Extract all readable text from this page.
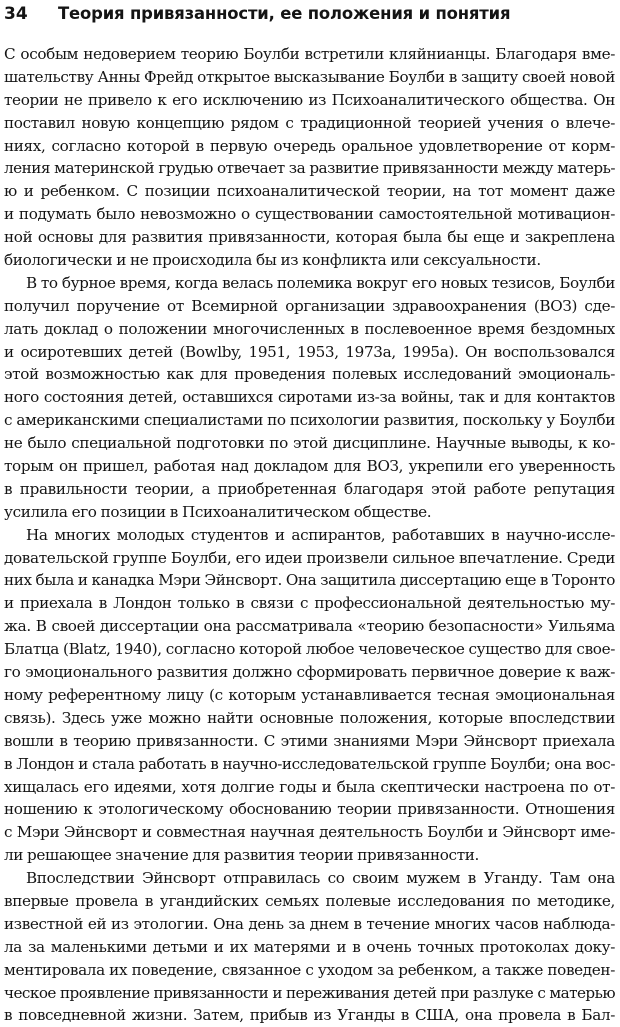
34	Теория привязанности, ее положения и понятия
С особым недоверием теорию Боулби встретили кляйнианцы. Благодаря вме-
шательству Анны Фрейд открытое высказывание Боулби в защиту своей новой
теории не привело к его исключению из Психоаналитического общества. Он
поставил новую концепцию рядом с традиционной теорией учения о влече-
ниях, согласно которой в первую очередь оральное удовлетворение от корм-
ления материнской грудью отвечает за развитие привязанности между матерь-
ю и ребенком. С позиции психоаналитической теории, на тот момент даже
и подумать было невозможно о существовании самостоятельной мотивацион-
ной основы для развития привязанности, которая была бы еще и закреплена
биологически и не происходила бы из конфликта или сексуальности.
В то бурное время, когда велась полемика вокруг его новых тезисов, Боулби
получил поручение от Всемирной организации здравоохранения (ВОЗ) сде-
лать доклад о положении многочисленных в послевоенное время бездомных
и осиротевших детей (Bowlby, 1951, 1953, 1973а, 1995а). Он воспользовался
этой возможностью как для проведения полевых исследований эмоциональ-
ного состояния детей, оставшихся сиротами из-за войны, так и для контактов
с американскими специалистами по психологии развития, поскольку у Боулби
не было специальной подготовки по этой дисциплине. Научные выводы, к ко-
торым он пришел, работая над докладом для ВОЗ, укрепили его уверенность
в правильности теории, а приобретенная благодаря этой работе репутация
усилила его позиции в Психоаналитическом обществе.
На многих молодых студентов и аспирантов, работавших в научно-иссле-
довательской группе Боулби, его идеи произвели сильное впечатление. Среди
них была и канадка Мэри Эйнсворт. Она защитила диссертацию еще в Торонто
и приехала в Лондон только в связи с профессиональной деятельностью му-
жа. В своей диссертации она рассматривала «теорию безопасности» Уильяма
Блатца (Blatz, 1940), согласно которой любое человеческое существо для свое-
го эмоционального развития должно сформировать первичное доверие к важ-
ному референтному лицу (с которым устанавливается тесная эмоциональная
связь). Здесь уже можно найти основные положения, которые впоследствии
вошли в теорию привязанности. С этими знаниями Мэри Эйнсворт приехала
в Лондон и стала работать в научно-исследовательской группе Боулби; она вос-
хищалась его идеями, хотя долгие годы и была скептически настроена по от-
ношению к этологическому обоснованию теории привязанности. Отношения
с Мэри Эйнсворт и совместная научная деятельность Боулби и Эйнсворт име-
ли решающее значение для развития теории привязанности.
Впоследствии Эйнсворт отправилась со своим мужем в Уганду. Там она
впервые провела в угандийских семьях полевые исследования по методике,
известной ей из этологии. Она день за днем в течение многих часов наблюда-
ла за маленькими детьми и их матерями и в очень точных протоколах доку-
ментировала их поведение, связанное с уходом за ребенком, а также поведен-
ческое проявление привязанности и переживания детей при разлуке с матерью
в повседневной жизни. Затем, прибыв из Уганды в США, она провела в Бал-
